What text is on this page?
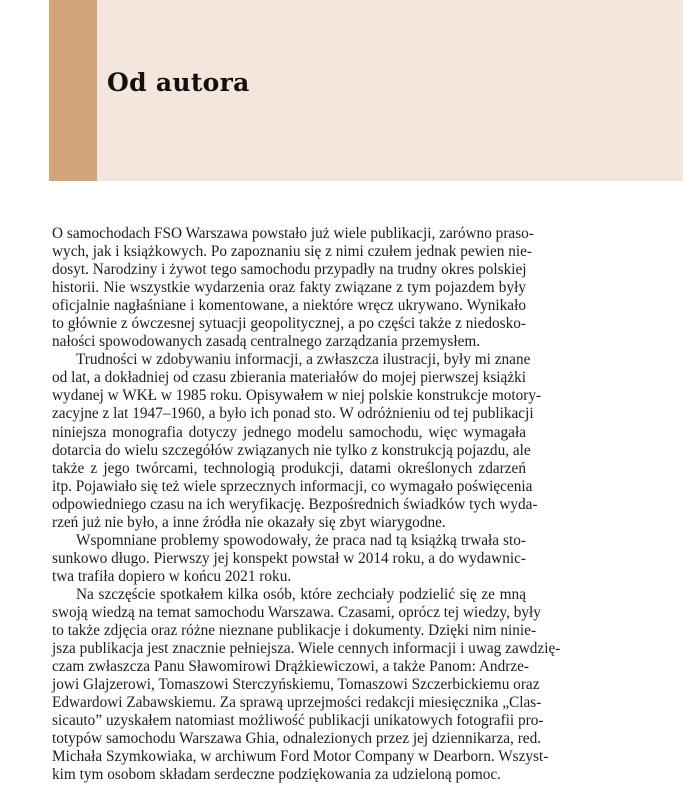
Od autora
O samochodach FSO Warszawa powstało już wiele publikacji, zarówno praso-
wych, jak i książkowych. Po zapoznaniu się z nimi czułem jednak pewien nie-
dosyt. Narodziny i żywot tego samochodu przypadły na trudny okres polskiej
historii. Nie wszystkie wydarzenia oraz fakty związane z tym pojazdem były
oficjalnie nagłaśniane i komentowane, a niektóre wręcz ukrywano. Wynikało
to głównie z ówczesnej sytuacji geopolitycznej, a po części także z niedosko-
nałości spowodowanych zasadą centralnego zarządzania przemysłem.
Trudności w zdobywaniu informacji, a zwłaszcza ilustracji, były mi znane
od lat, a dokładniej od czasu zbierania materiałów do mojej pierwszej książki
wydanej w WKŁ w 1985 roku. Opisywałem w niej polskie konstrukcje motory-
zacyjne z lat 1947–1960, a było ich ponad sto. W odróżnieniu od tej publikacji
niniejsza monografia dotyczy jednego modelu samochodu, więc wymagała
dotarcia do wielu szczegółów związanych nie tylko z konstrukcją pojazdu, ale
także z jego twórcami, technologią produkcji, datami określonych zdarzeń
itp. Pojawiało się też wiele sprzecznych informacji, co wymagało poświęcenia
odpowiedniego czasu na ich weryfikację. Bezpośrednich świadków tych wyda-
rzeń już nie było, a inne źródła nie okazały się zbyt wiarygodne.
Wspomniane problemy spowodowały, że praca nad tą książką trwała sto-
sunkowo długo. Pierwszy jej konspekt powstał w 2014 roku, a do wydawnic-
twa trafiła dopiero w końcu 2021 roku.
Na szczęście spotkałem kilka osób, które zechciały podzielić się ze mną
swoją wiedzą na temat samochodu Warszawa. Czasami, oprócz tej wiedzy, były
to także zdjęcia oraz różne nieznane publikacje i dokumenty. Dzięki nim ninie-
jsza publikacja jest znacznie pełniejsza. Wiele cennych informacji i uwag zawdzię-
czam zwłaszcza Panu Sławomirowi Drążkiewiczowi, a także Panom: Andrze-
jowi Glajzerowi, Tomaszowi Sterczyńskiemu, Tomaszowi Szczerbickiemu oraz
Edwardowi Zabawskiemu. Za sprawą uprzejmości redakcji miesięcznika „Clas-
sicauto” uzyskałem natomiast możliwość publikacji unikatowych fotografii pro-
totypów samochodu Warszawa Ghia, odnalezionych przez jej dziennikarza, red.
Michała Szymkowiaka, w archiwum Ford Motor Company w Dearborn. Wszyst-
kim tym osobom składam serdeczne podziękowania za udzieloną pomoc.
